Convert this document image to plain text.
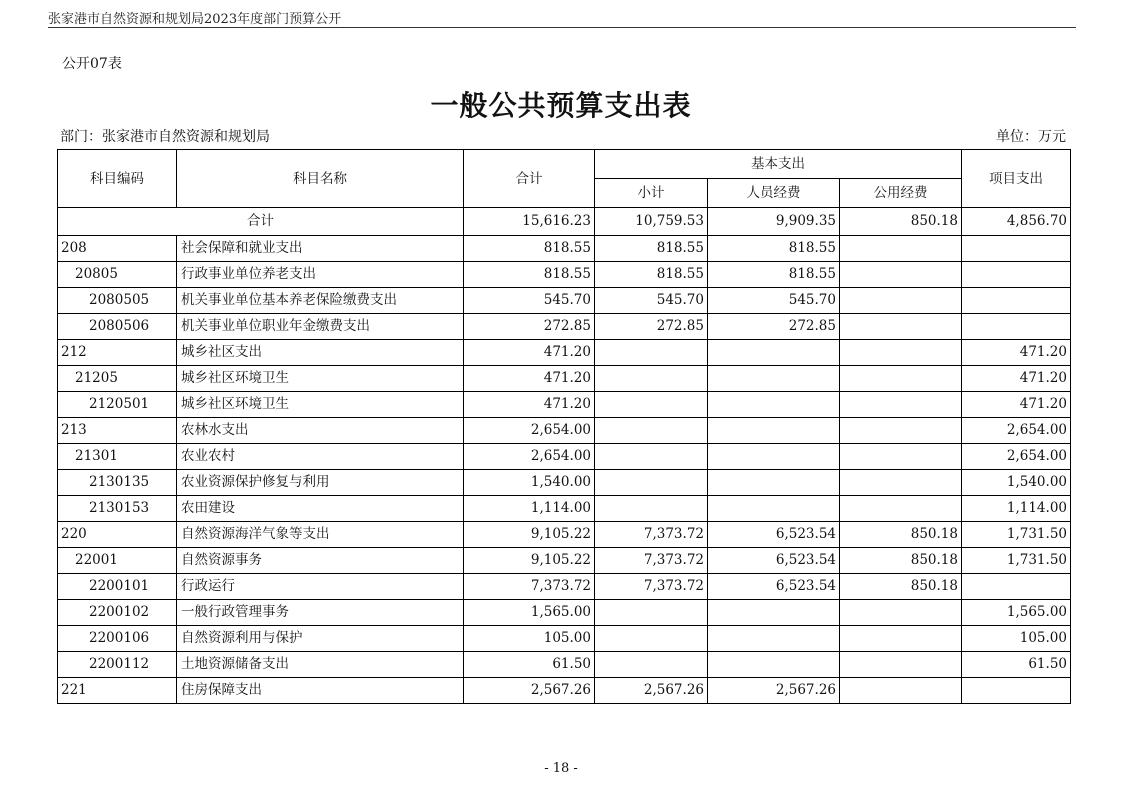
张家港市自然资源和规划局2023年度部门预算公开
公开07表
一般公共预算支出表
部门：张家港市自然资源和规划局	单位：万元
科目编码	科目名称	合计	基本支出			项目支出
			小计	人员经费	公用经费	
合计		15,616.23	10,759.53	9,909.35	850.18	4,856.70
208	社会保障和就业支出	818.55	818.55	818.55		
20805	行政事业单位养老支出	818.55	818.55	818.55		
2080505	机关事业单位基本养老保险缴费支出	545.70	545.70	545.70		
2080506	机关事业单位职业年金缴费支出	272.85	272.85	272.85		
212	城乡社区支出	471.20				471.20
21205	城乡社区环境卫生	471.20				471.20
2120501	城乡社区环境卫生	471.20				471.20
213	农林水支出	2,654.00				2,654.00
21301	农业农村	2,654.00				2,654.00
2130135	农业资源保护修复与利用	1,540.00				1,540.00
2130153	农田建设	1,114.00				1,114.00
220	自然资源海洋气象等支出	9,105.22	7,373.72	6,523.54	850.18	1,731.50
22001	自然资源事务	9,105.22	7,373.72	6,523.54	850.18	1,731.50
2200101	行政运行	7,373.72	7,373.72	6,523.54	850.18	
2200102	一般行政管理事务	1,565.00				1,565.00
2200106	自然资源利用与保护	105.00				105.00
2200112	土地资源储备支出	61.50				61.50
221	住房保障支出	2,567.26	2,567.26	2,567.26		
- 18 -
